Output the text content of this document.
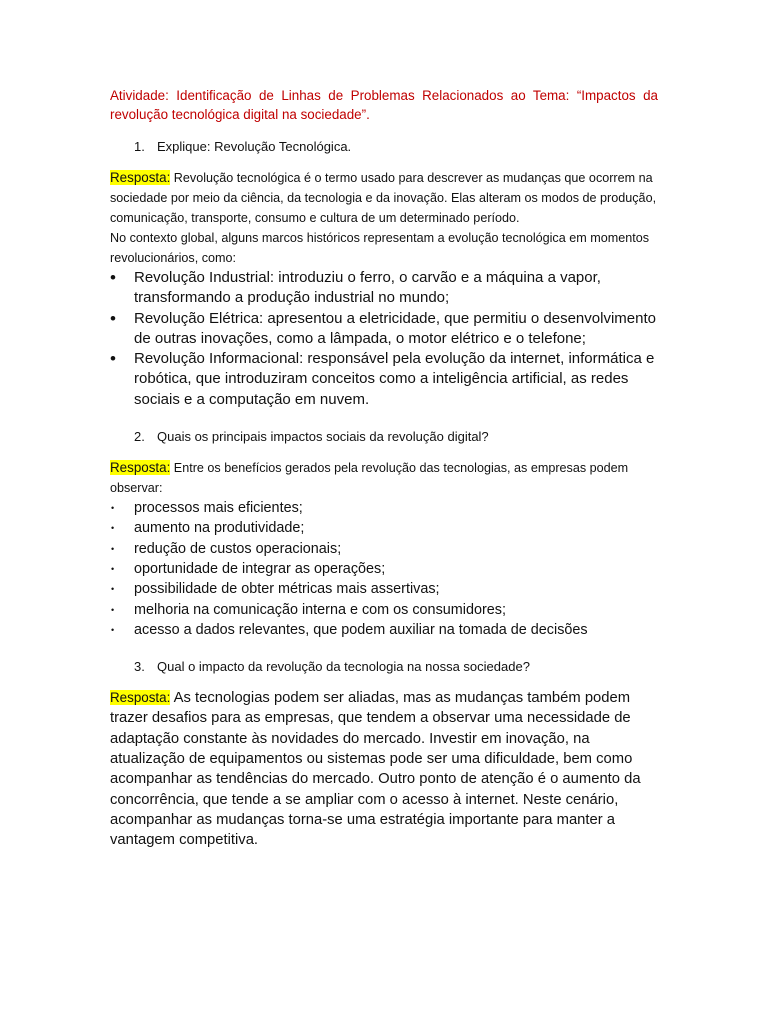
Atividade: Identificação de Linhas de Problemas Relacionados ao Tema: “Impactos da revolução tecnológica digital na sociedade”.

1. Explique: Revolução Tecnológica.

Resposta: Revolução tecnológica é o termo usado para descrever as mudanças que ocorrem na sociedade por meio da ciência, da tecnologia e da inovação. Elas alteram os modos de produção, comunicação, transporte, consumo e cultura de um determinado período.

No contexto global, alguns marcos históricos representam a evolução tecnológica em momentos revolucionários, como:

• Revolução Industrial: introduziu o ferro, o carvão e a máquina a vapor, transformando a produção industrial no mundo;
• Revolução Elétrica: apresentou a eletricidade, que permitiu o desenvolvimento de outras inovações, como a lâmpada, o motor elétrico e o telefone;
• Revolução Informacional: responsável pela evolução da internet, informática e robótica, que introduziram conceitos como a inteligência artificial, as redes sociais e a computação em nuvem.

2. Quais os principais impactos sociais da revolução digital?

Resposta: Entre os benefícios gerados pela revolução das tecnologias, as empresas podem observar:

• processos mais eficientes;
• aumento na produtividade;
• redução de custos operacionais;
• oportunidade de integrar as operações;
• possibilidade de obter métricas mais assertivas;
• melhoria na comunicação interna e com os consumidores;
• acesso a dados relevantes, que podem auxiliar na tomada de decisões

3. Qual o impacto da revolução da tecnologia na nossa sociedade?

Resposta: As tecnologias podem ser aliadas, mas as mudanças também podem trazer desafios para as empresas, que tendem a observar uma necessidade de adaptação constante às novidades do mercado. Investir em inovação, na atualização de equipamentos ou sistemas pode ser uma dificuldade, bem como acompanhar as tendências do mercado. Outro ponto de atenção é o aumento da concorrência, que tende a se ampliar com o acesso à internet. Neste cenário, acompanhar as mudanças torna-se uma estratégia importante para manter a vantagem competitiva.
